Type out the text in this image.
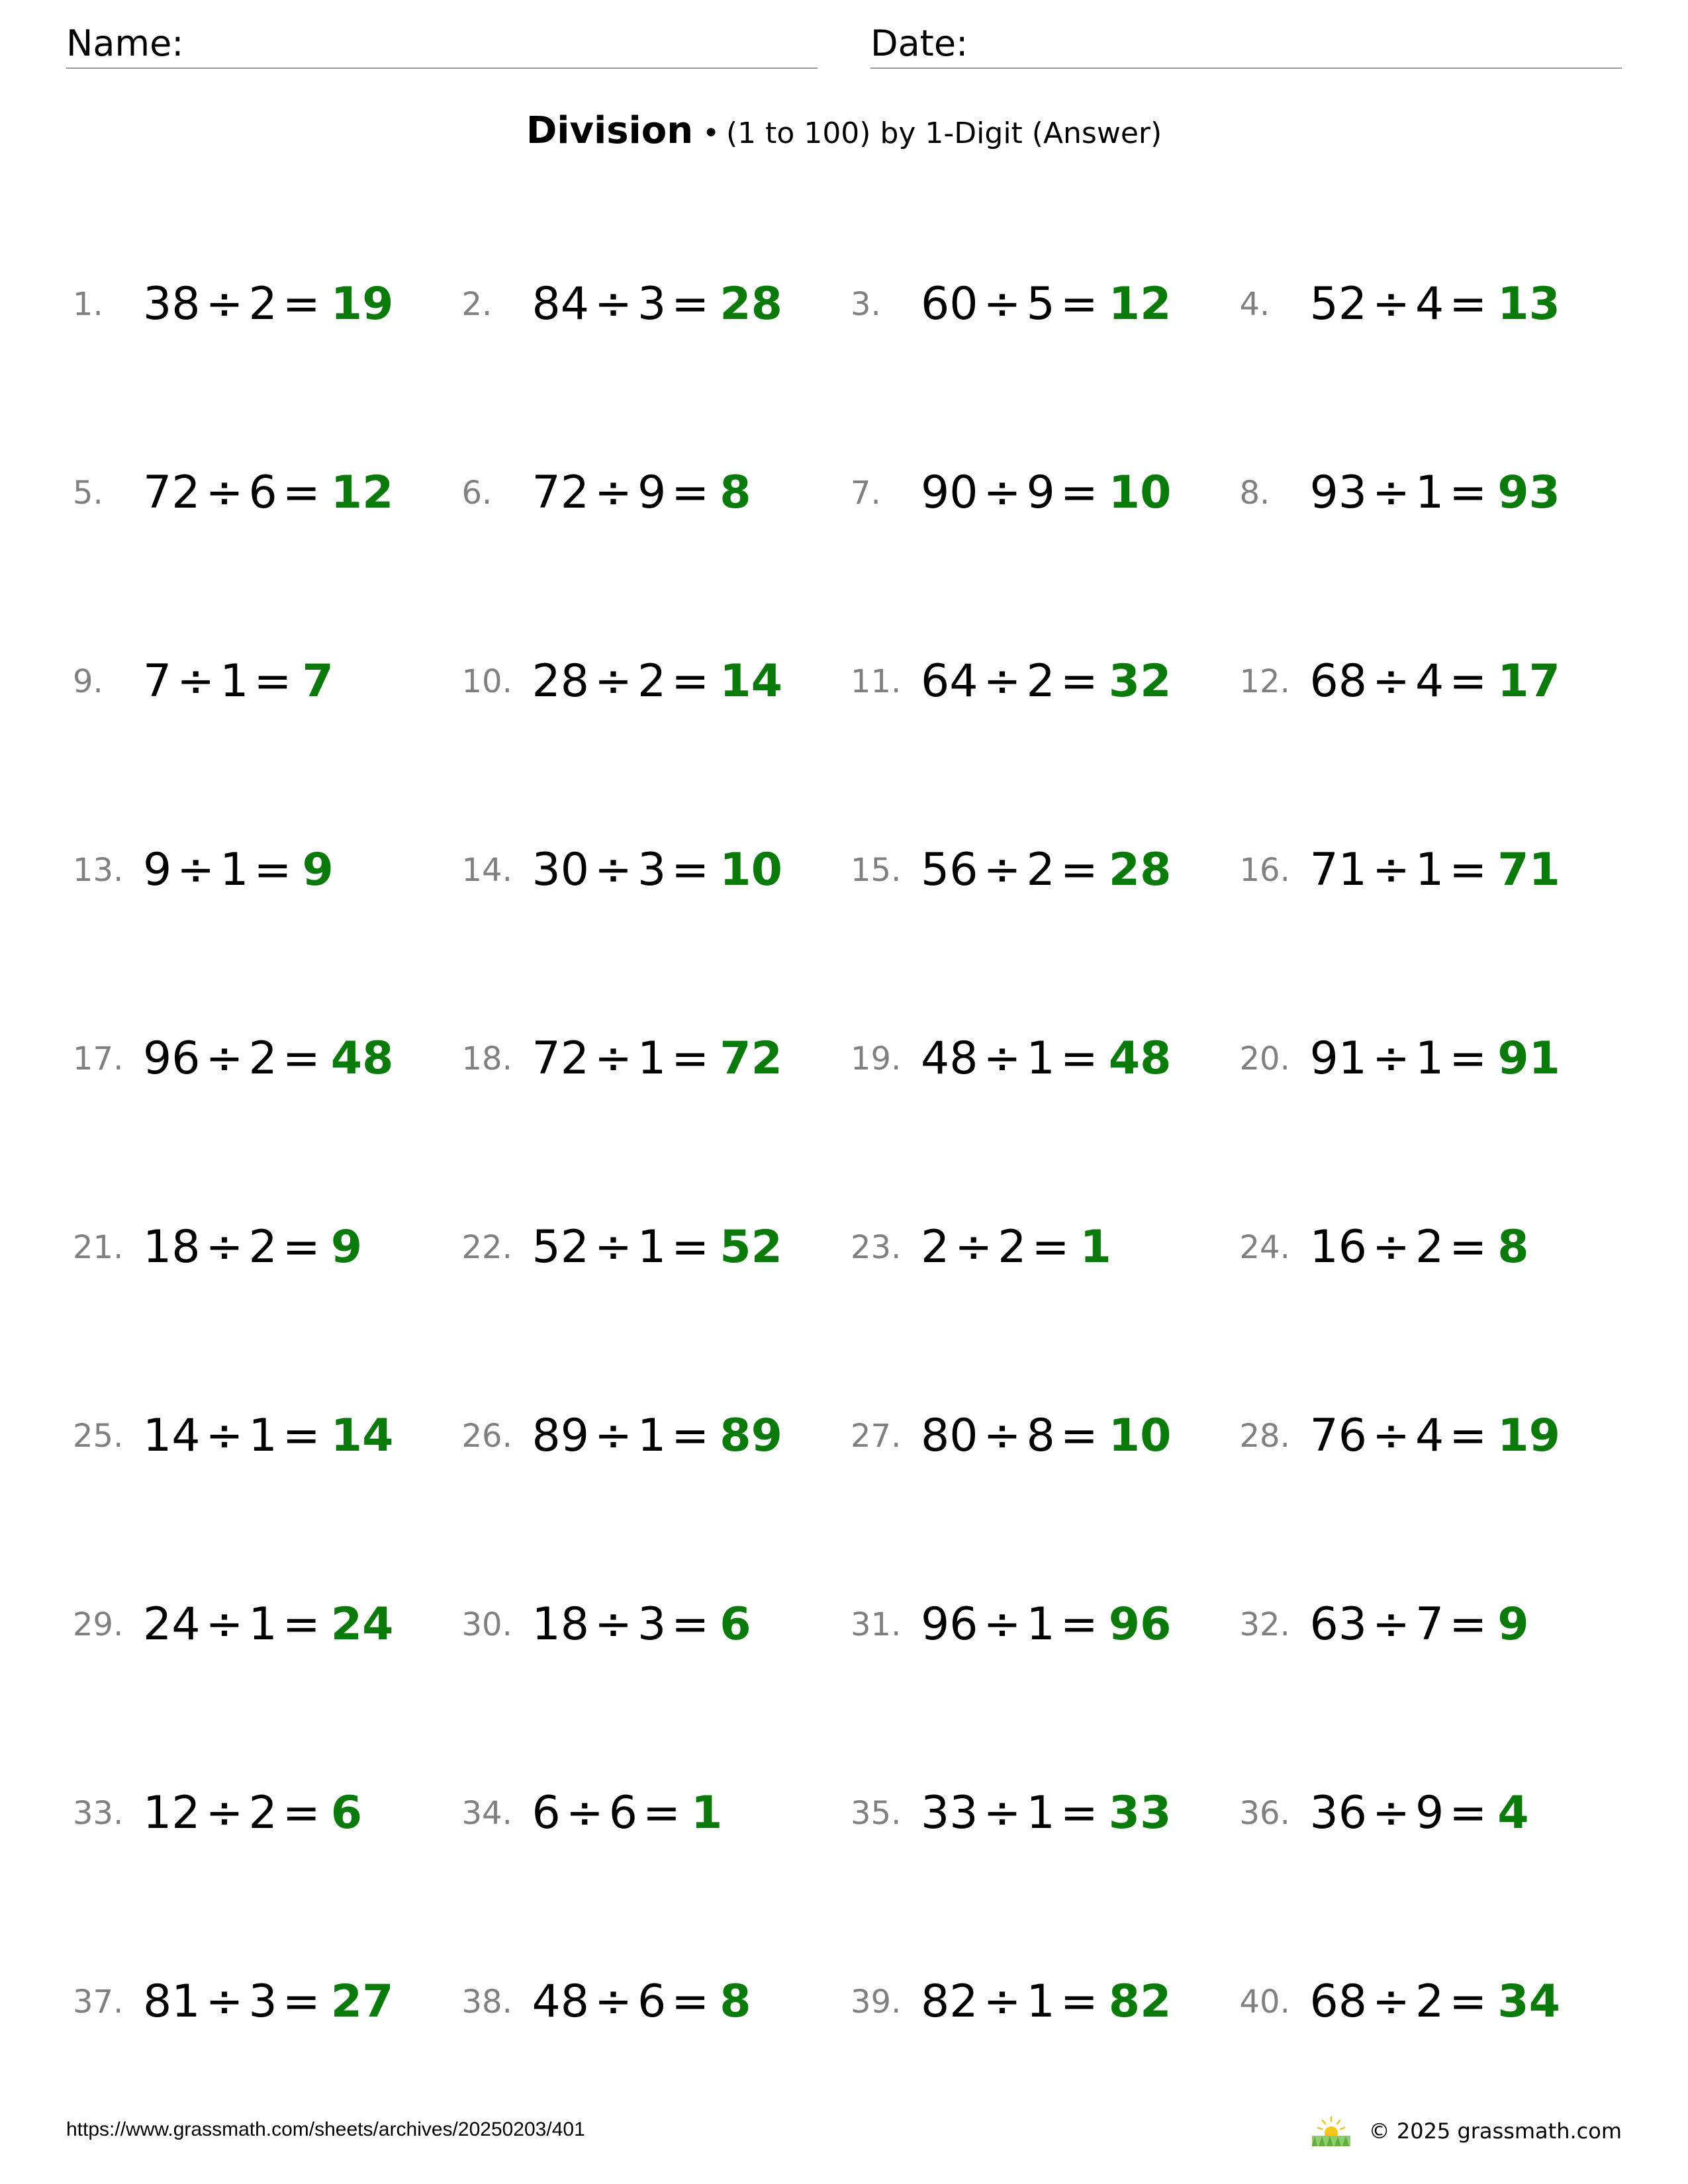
Name:	Date:
Division • (1 to 100) by 1-Digit (Answer)
1. 38 ÷ 2 = 19 2. 84 ÷ 3 = 28 3. 60 ÷ 5 = 12 4. 52 ÷ 4 = 13
5. 72 ÷ 6 = 12 6. 72 ÷ 9 = 8	7. 90 ÷ 9 = 10 8. 93 ÷ 1 = 93
9. 7 ÷ 1 = 7	10. 28 ÷ 2 = 14 11. 64 ÷ 2 = 32 12. 68 ÷ 4 = 17
13. 9 ÷ 1 = 9	14. 30 ÷ 3 = 10 15. 56 ÷ 2 = 28 16. 71 ÷ 1 = 71
17. 96 ÷ 2 = 48 18. 72 ÷ 1 = 72 19. 48 ÷ 1 = 48 20. 91 ÷ 1 = 91
21. 18 ÷ 2 = 9	22. 52 ÷ 1 = 52 23. 2 ÷ 2 = 1	24. 16 ÷ 2 = 8
25. 14 ÷ 1 = 14 26. 89 ÷ 1 = 89 27. 80 ÷ 8 = 10 28. 76 ÷ 4 = 19
29. 24 ÷ 1 = 24 30. 18 ÷ 3 = 6	31. 96 ÷ 1 = 96 32. 63 ÷ 7 = 9
33. 12 ÷ 2 = 6	34. 6 ÷ 6 = 1	35. 33 ÷ 1 = 33 36. 36 ÷ 9 = 4
37. 81 ÷ 3 = 27 38. 48 ÷ 6 = 8	39. 82 ÷ 1 = 82 40. 68 ÷ 2 = 34
https://www.grassmath.com/sheets/archives/20250203/401	© 2025 grassmath.com
